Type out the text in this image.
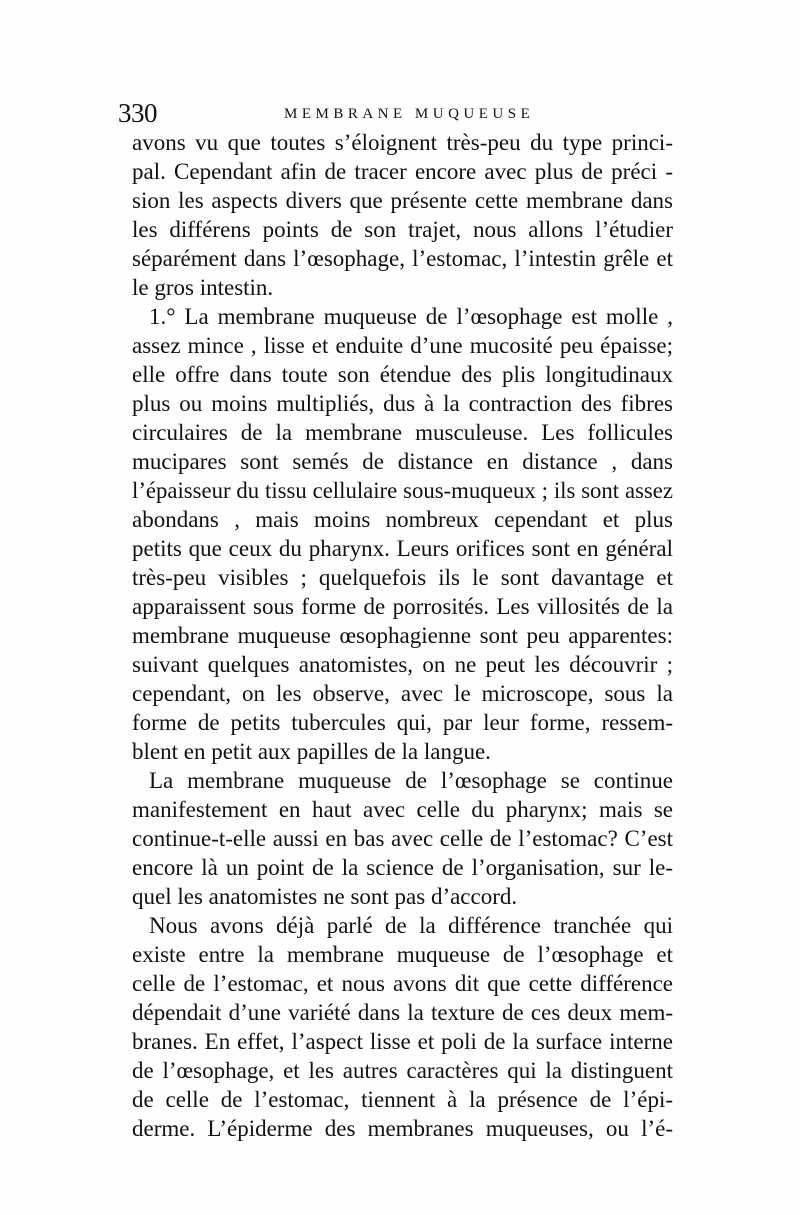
330	MEMBRANE MUQUEUSE
avons vu que toutes s’éloignent très-peu du type princi-
pal. Cependant afin de tracer encore avec plus de préci -
sion les aspects divers que présente cette membrane dans
les différens points de son trajet, nous allons l’étudier
séparément dans l’œsophage, l’estomac, l’intestin grêle et
le gros intestin.
1.° La membrane muqueuse de l’œsophage est molle ,
assez mince , lisse et enduite d’une mucosité peu épaisse;
elle offre dans toute son étendue des plis longitudinaux
plus ou moins multipliés, dus à la contraction des fibres
circulaires de la membrane musculeuse. Les follicules
mucipares sont semés de distance en distance , dans
l’épaisseur du tissu cellulaire sous-muqueux ; ils sont assez
abondans , mais moins nombreux cependant et plus
petits que ceux du pharynx. Leurs orifices sont en général
très-peu visibles ; quelquefois ils le sont davantage et
apparaissent sous forme de porrosités. Les villosités de la
membrane muqueuse œsophagienne sont peu apparentes:
suivant quelques anatomistes, on ne peut les découvrir ;
cependant, on les observe, avec le microscope, sous la
forme de petits tubercules qui, par leur forme, ressem-
blent en petit aux papilles de la langue.
La membrane muqueuse de l’œsophage se continue
manifestement en haut avec celle du pharynx; mais se
continue-t-elle aussi en bas avec celle de l’estomac? C’est
encore là un point de la science de l’organisation, sur le-
quel les anatomistes ne sont pas d’accord.
Nous avons déjà parlé de la différence tranchée qui
existe entre la membrane muqueuse de l’œsophage et
celle de l’estomac, et nous avons dit que cette différence
dépendait d’une variété dans la texture de ces deux mem-
branes. En effet, l’aspect lisse et poli de la surface interne
de l’œsophage, et les autres caractères qui la distinguent
de celle de l’estomac, tiennent à la présence de l’épi-
derme. L’épiderme des membranes muqueuses, ou l’é-
